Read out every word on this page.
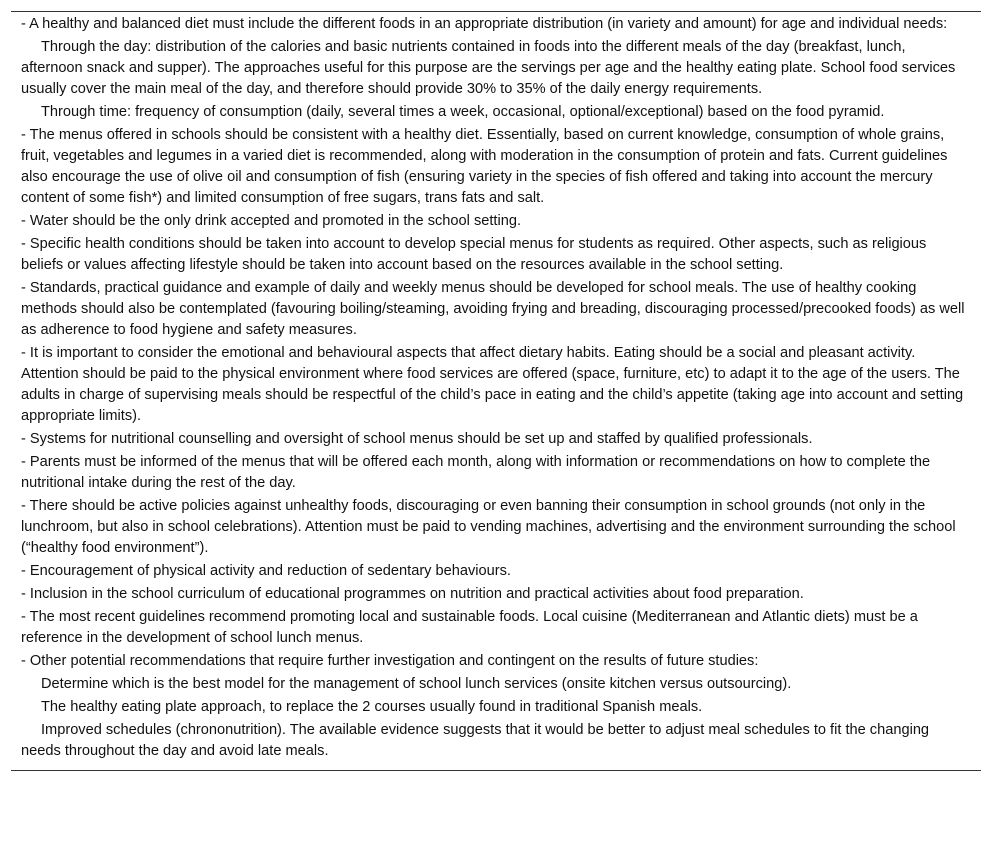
- A healthy and balanced diet must include the different foods in an appropriate distribution (in variety and amount) for age and individual needs:
Through the day: distribution of the calories and basic nutrients contained in foods into the different meals of the day (breakfast, lunch, afternoon snack and supper). The approaches useful for this purpose are the servings per age and the healthy eating plate. School food services usually cover the main meal of the day, and therefore should provide 30% to 35% of the daily energy requirements.
Through time: frequency of consumption (daily, several times a week, occasional, optional/exceptional) based on the food pyramid.
- The menus offered in schools should be consistent with a healthy diet. Essentially, based on current knowledge, consumption of whole grains, fruit, vegetables and legumes in a varied diet is recommended, along with moderation in the consumption of protein and fats. Current guidelines also encourage the use of olive oil and consumption of fish (ensuring variety in the species of fish offered and taking into account the mercury content of some fish*) and limited consumption of free sugars, trans fats and salt.
- Water should be the only drink accepted and promoted in the school setting.
- Specific health conditions should be taken into account to develop special menus for students as required. Other aspects, such as religious beliefs or values affecting lifestyle should be taken into account based on the resources available in the school setting.
- Standards, practical guidance and example of daily and weekly menus should be developed for school meals. The use of healthy cooking methods should also be contemplated (favouring boiling/steaming, avoiding frying and breading, discouraging processed/precooked foods) as well as adherence to food hygiene and safety measures.
- It is important to consider the emotional and behavioural aspects that affect dietary habits. Eating should be a social and pleasant activity. Attention should be paid to the physical environment where food services are offered (space, furniture, etc) to adapt it to the age of the users. The adults in charge of supervising meals should be respectful of the child’s pace in eating and the child’s appetite (taking age into account and setting appropriate limits).
- Systems for nutritional counselling and oversight of school menus should be set up and staffed by qualified professionals.
- Parents must be informed of the menus that will be offered each month, along with information or recommendations on how to complete the nutritional intake during the rest of the day.
- There should be active policies against unhealthy foods, discouraging or even banning their consumption in school grounds (not only in the lunchroom, but also in school celebrations). Attention must be paid to vending machines, advertising and the environment surrounding the school (“healthy food environment”).
- Encouragement of physical activity and reduction of sedentary behaviours.
- Inclusion in the school curriculum of educational programmes on nutrition and practical activities about food preparation.
- The most recent guidelines recommend promoting local and sustainable foods. Local cuisine (Mediterranean and Atlantic diets) must be a reference in the development of school lunch menus.
- Other potential recommendations that require further investigation and contingent on the results of future studies:
Determine which is the best model for the management of school lunch services (onsite kitchen versus outsourcing).
The healthy eating plate approach, to replace the 2 courses usually found in traditional Spanish meals.
Improved schedules (chrononutrition). The available evidence suggests that it would be better to adjust meal schedules to fit the changing needs throughout the day and avoid late meals.
